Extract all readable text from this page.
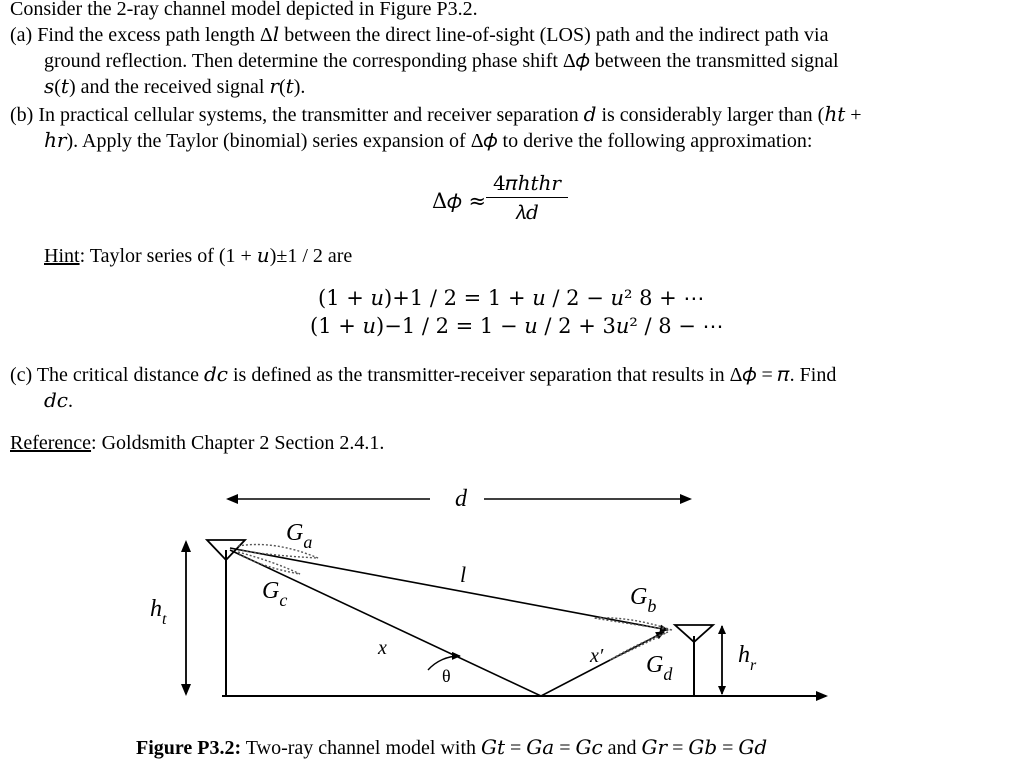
Consider the 2-ray channel model depicted in Figure P3.2.
(a) Find the excess path length Δ𝑙 between the direct line-of-sight (LOS) path and the indirect path via
ground reflection. Then determine the corresponding phase shift Δ𝜙 between the transmitted signal
𝑠(𝑡) and the received signal 𝑟(𝑡).
(b) In practical cellular systems, the transmitter and receiver separation 𝑑 is considerably larger than (ℎ𝑡 +
ℎ𝑟). Apply the Taylor (binomial) series expansion of Δ𝜙 to derive the following approximation:
Δ𝜙 ≈
4𝜋ℎ𝑡ℎ𝑟
𝜆𝑑
Hint: Taylor series of (1 + 𝑢)±1 / 2 are
(1 + 𝑢)+1 / 2 = 1 + 𝑢 / 2 − 𝑢² 8 + ⋯
(1 + 𝑢)−1 / 2 = 1 − 𝑢 / 2 + 3𝑢² / 8 − ⋯
(c) The critical distance 𝑑𝑐 is defined as the transmitter-receiver separation that results in Δ𝜙 = 𝜋. Find
𝑑𝑐.
Reference: Goldsmith Chapter 2 Section 2.4.1.
d
θ
$h_t$
$h_r$
l
x	x′
$G_a$
$G_c$	$G_b$
$G_d$
Figure P3.2: Two-ray channel model with 𝐺𝑡 = 𝐺𝑎 = 𝐺𝑐 and 𝐺𝑟 = 𝐺𝑏 = 𝐺𝑑
